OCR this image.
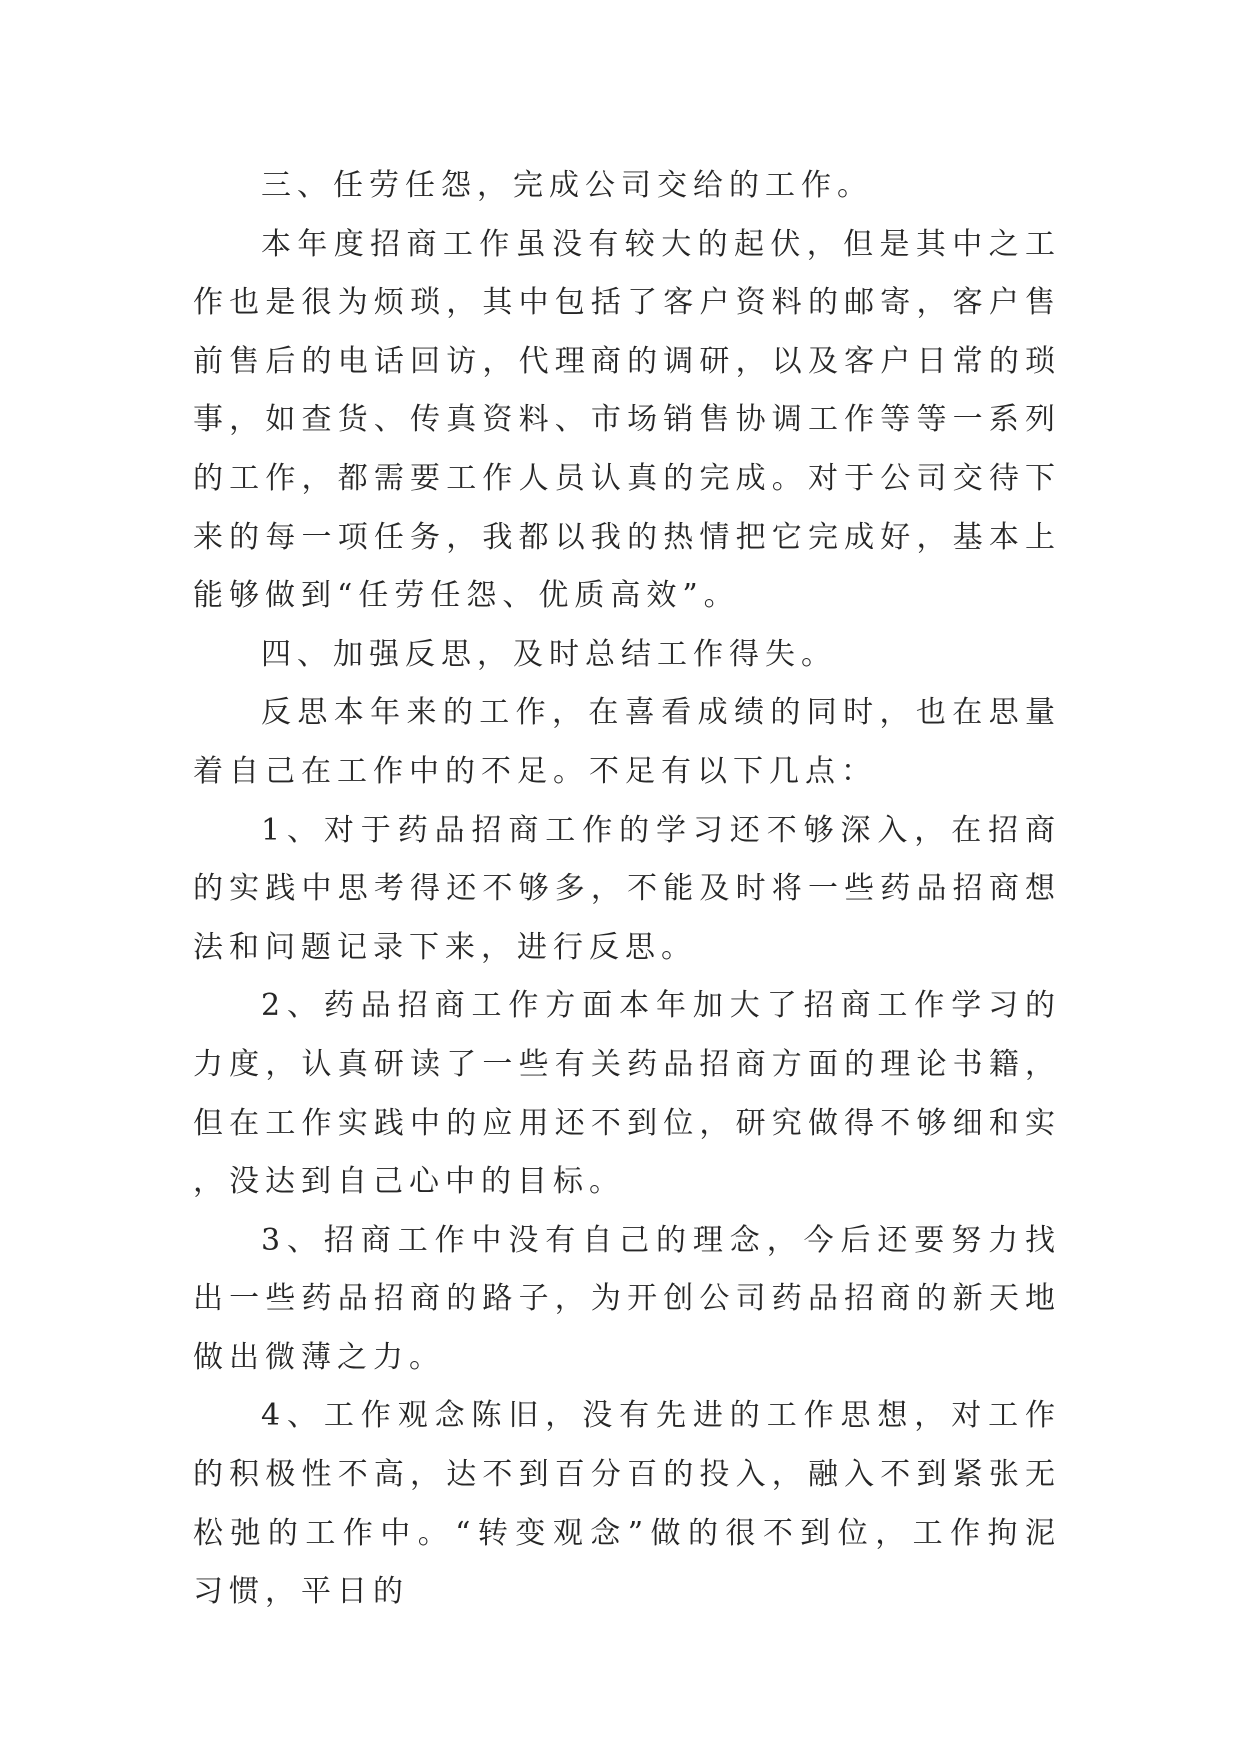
三、任劳任怨，完成公司交给的工作。

本年度招商工作虽没有较大的起伏，但是其中之工作也是很为烦琐，其中包括了客户资料的邮寄，客户售前售后的电话回访，代理商的调研，以及客户日常的琐事，如查货、传真资料、市场销售协调工作等等一系列的工作，都需要工作人员认真的完成。对于公司交待下来的每一项任务，我都以我的热情把它完成好，基本上能够做到“任劳任怨、优质高效”。

四、加强反思，及时总结工作得失。

反思本年来的工作，在喜看成绩的同时，也在思量着自己在工作中的不足。不足有以下几点：

1、对于药品招商工作的学习还不够深入，在招商的实践中思考得还不够多，不能及时将一些药品招商想法和问题记录下来，进行反思。

2、药品招商工作方面本年加大了招商工作学习的力度，认真研读了一些有关药品招商方面的理论书籍，但在工作实践中的应用还不到位，研究做得不够细和实，没达到自己心中的目标。

3、招商工作中没有自己的理念，今后还要努力找出一些药品招商的路子，为开创公司药品招商的新天地做出微薄之力。

4、工作观念陈旧，没有先进的工作思想，对工作的积极性不高，达不到百分百的投入，融入不到紧张无松弛的工作中。“转变观念”做的很不到位，工作拘泥习惯，平日的
